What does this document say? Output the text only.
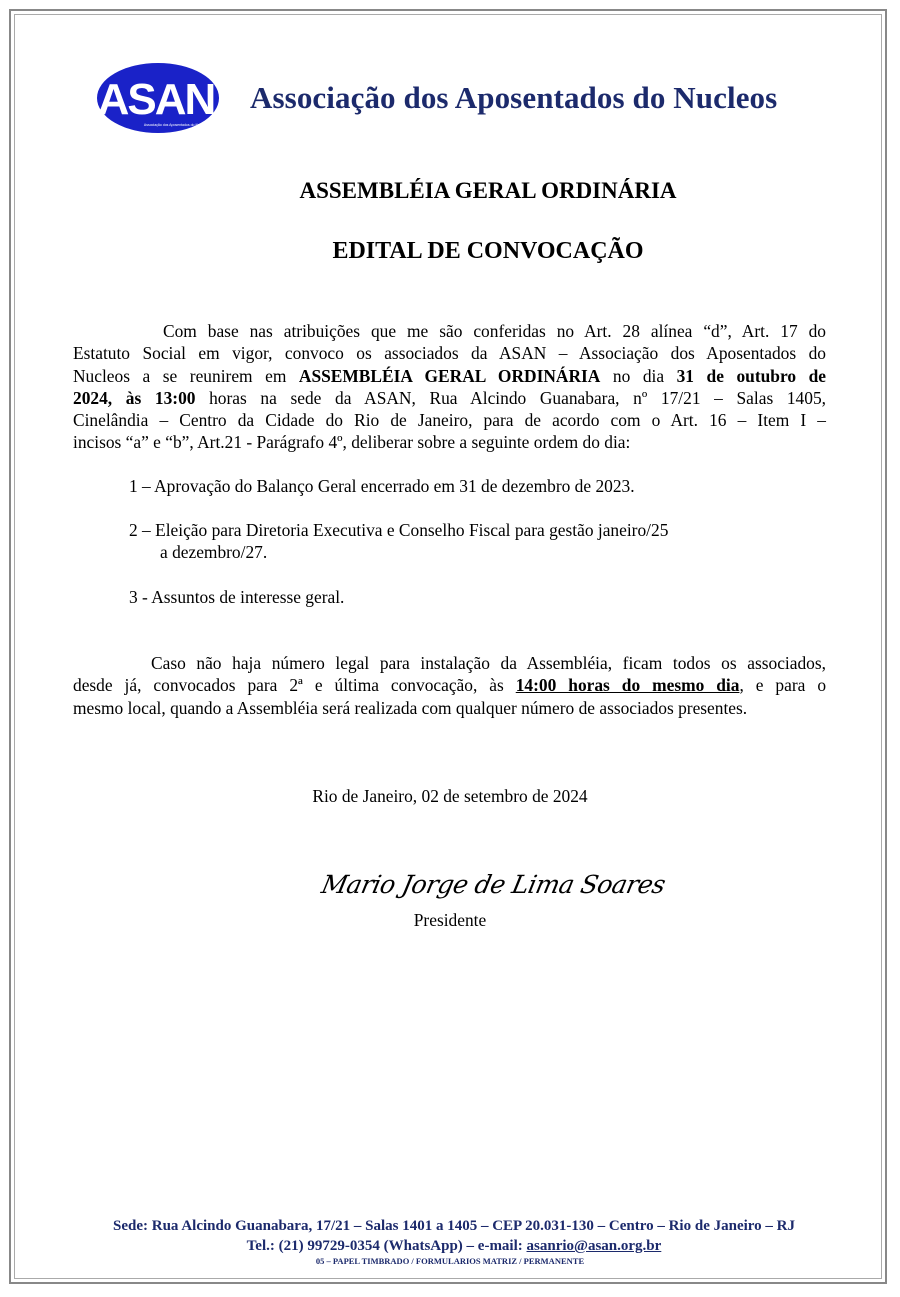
ASAN
Associação dos Aposentados do Nucleos
Associação dos Aposentados do Nucleos
ASSEMBLÉIA GERAL ORDINÁRIA
EDITAL DE CONVOCAÇÃO
Com base nas atribuições que me são conferidas no Art. 28 alínea “d”, Art. 17 do
Estatuto Social em vigor, convoco os associados da ASAN – Associação dos Aposentados do
Nucleos a se reunirem em ASSEMBLÉIA GERAL ORDINÁRIA no dia 31 de outubro de
2024, às 13:00 horas na sede da ASAN, Rua Alcindo Guanabara, nº 17/21 – Salas 1405,
Cinelândia – Centro da Cidade do Rio de Janeiro, para de acordo com o Art. 16 – Item I –
incisos “a” e “b”, Art.21 - Parágrafo 4º, deliberar sobre a seguinte ordem do dia:
1 – Aprovação do Balanço Geral encerrado em 31 de dezembro de 2023.
2 – Eleição para Diretoria Executiva e Conselho Fiscal para gestão janeiro/25
a dezembro/27.
3 - Assuntos de interesse geral.
Caso não haja número legal para instalação da Assembléia, ficam todos os associados,
desde já, convocados para 2ª e última convocação, às 14:00 horas do mesmo dia, e para o
mesmo local, quando a Assembléia será realizada com qualquer número de associados presentes.
Rio de Janeiro, 02 de setembro de 2024
Mario Jorge de Lima Soares
Presidente
Sede: Rua Alcindo Guanabara, 17/21 – Salas 1401 a 1405 – CEP 20.031-130 – Centro – Rio de Janeiro – RJ
Tel.: (21) 99729-0354 (WhatsApp) – e-mail: asanrio@asan.org.br
05 – PAPEL TIMBRADO / FORMULARIOS MATRIZ / PERMANENTE
